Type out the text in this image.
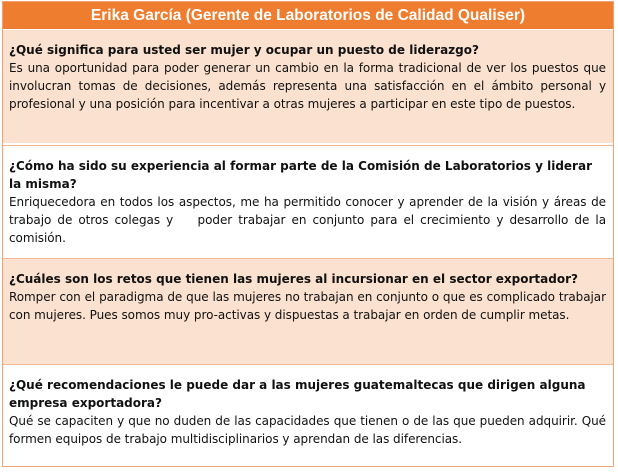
Erika García (Gerente de Laboratorios de Calidad Qualiser)

¿Qué significa para usted ser mujer y ocupar un puesto de liderazgo?

Es una oportunidad para poder generar un cambio en la forma tradicional de ver los puestos que involucran tomas de decisiones, además representa una satisfacción en el ámbito personal y profesional y una posición para incentivar a otras mujeres a participar en este tipo de puestos.

¿Cómo ha sido su experiencia al formar parte de la Comisión de Laboratorios y liderar la misma?

Enriquecedora en todos los aspectos, me ha permitido conocer y aprender de la visión y áreas de trabajo de otros colegas y    poder trabajar en conjunto para el crecimiento y desarrollo de la comisión.

¿Cuáles son los retos que tienen las mujeres al incursionar en el sector exportador?

Romper con el paradigma de que las mujeres no trabajan en conjunto o que es complicado trabajar con mujeres. Pues somos muy pro-activas y dispuestas a trabajar en orden de cumplir metas.

¿Qué recomendaciones le puede dar a las mujeres guatemaltecas que dirigen alguna empresa exportadora?

Qué se capaciten y que no duden de las capacidades que tienen o de las que pueden adquirir. Qué formen equipos de trabajo multidisciplinarios y aprendan de las diferencias.
